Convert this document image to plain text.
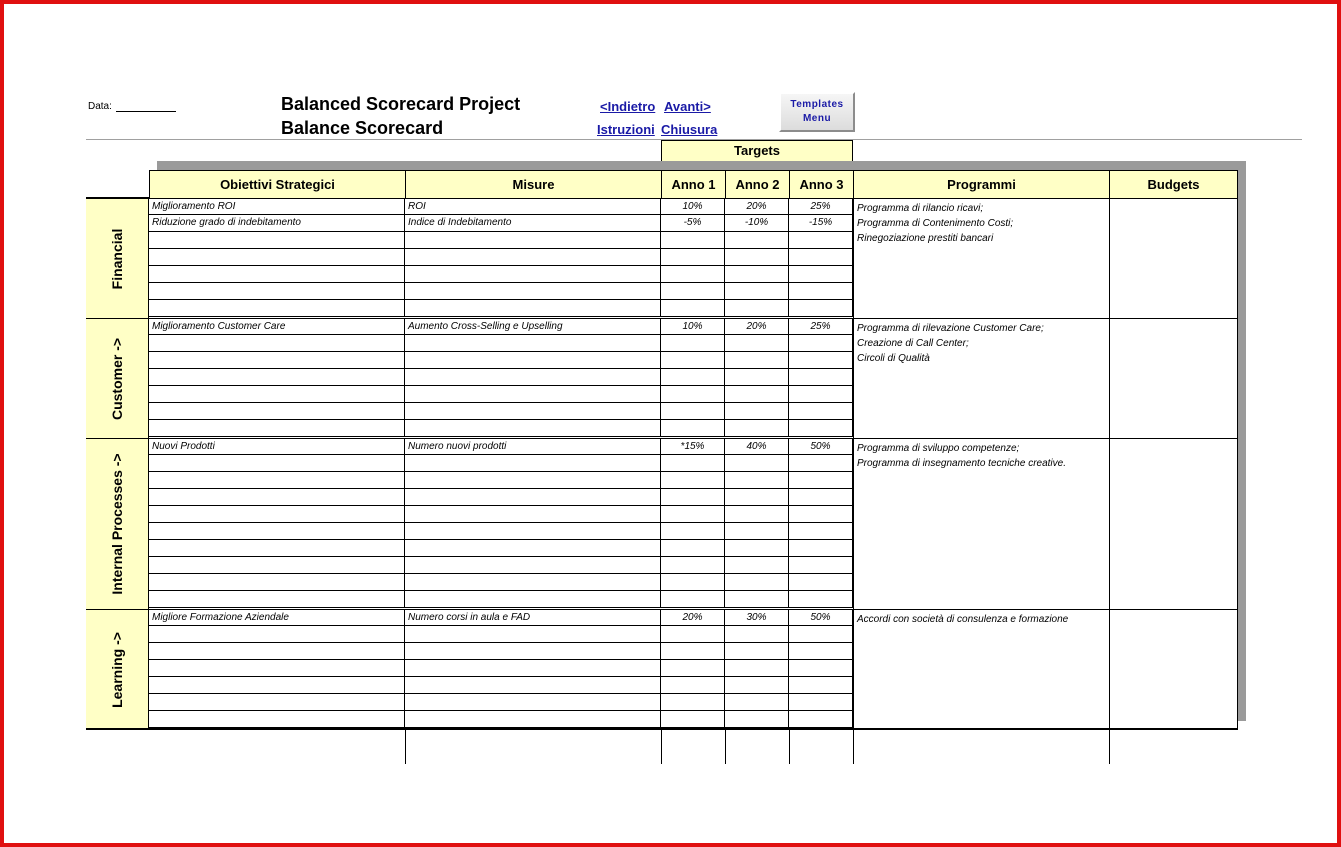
Data:	Balanced Scorecard Project
Balance Scorecard
<Indietro Avanti>
Istruzioni Chiusura
Templates
Menu
Targets
Obiettivi Strategici	Misure	Anno 1	Anno 2	Anno 3	Programmi	Budgets
Financial
Programma di rilancio ricavi;
Programma di Contenimento Costi;
Rinegoziazione prestiti bancari
Miglioramento ROI	ROI	10%	20%	25%
Riduzione grado di indebitamento	Indice di Indebitamento	-5%	-10%	-15%
Customer ->
Programma di rilevazione Customer Care;
Creazione di Call Center;
Circoli di Qualità
Miglioramento Customer Care	Aumento Cross-Selling e Upselling	10%	20%	25%
Internal Processes ->
Programma di sviluppo competenze;
Programma di insegnamento tecniche creative.
Nuovi Prodotti	Numero nuovi prodotti	*15%	40%	50%
Learning ->
Accordi con società di consulenza e formazione
Migliore Formazione Aziendale	Numero corsi in aula e FAD	20%	30%	50%
